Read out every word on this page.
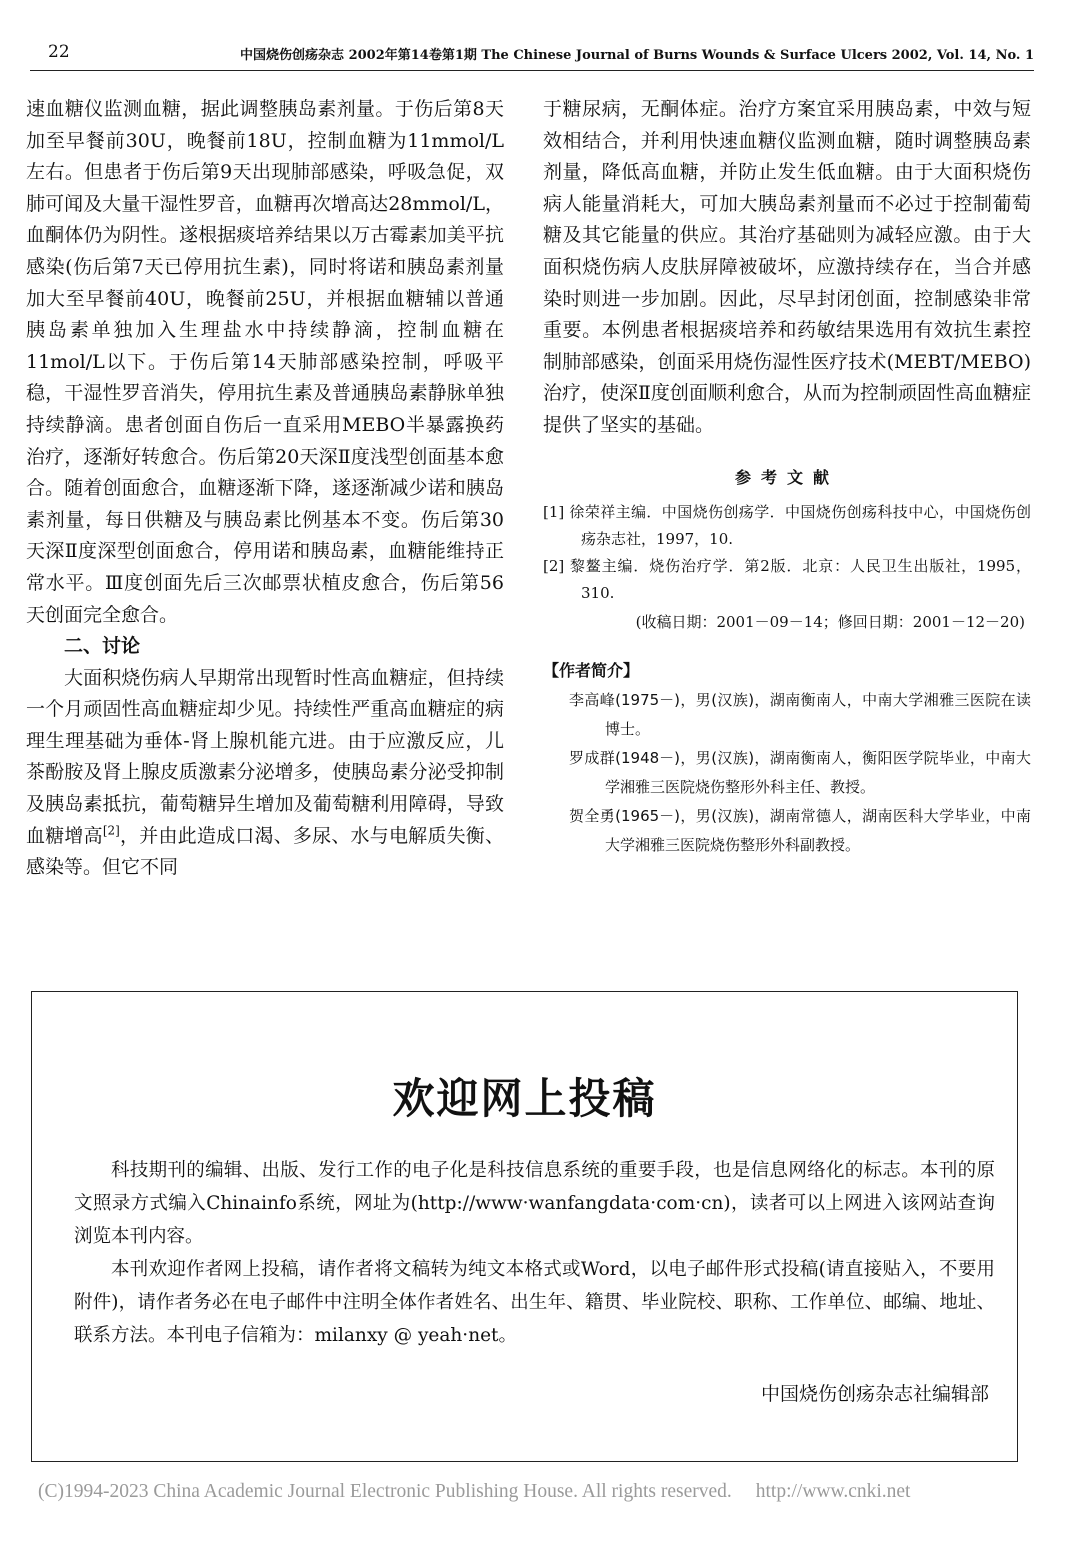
22	中国烧伤创疡杂志 2002年第14卷第1期 The Chinese Journal of Burns Wounds & Surface Ulcers 2002, Vol. 14, No. 1

速血糖仪监测血糖，据此调整胰岛素剂量。于伤后第8天加至早餐前30U，晚餐前18U，控制血糖为11mmol/L左右。但患者于伤后第9天出现肺部感染，呼吸急促，双肺可闻及大量干湿性罗音，血糖再次增高达28mmol/L，血酮体仍为阴性。遂根据痰培养结果以万古霉素加美平抗感染(伤后第7天已停用抗生素)，同时将诺和胰岛素剂量加大至早餐前40U，晚餐前25U，并根据血糖辅以普通胰岛素单独加入生理盐水中持续静滴，控制血糖在11mol/L以下。于伤后第14天肺部感染控制，呼吸平稳，干湿性罗音消失，停用抗生素及普通胰岛素静脉单独持续静滴。患者创面自伤后一直采用MEBO半暴露换药治疗，逐渐好转愈合。伤后第20天深Ⅱ度浅型创面基本愈合。随着创面愈合，血糖逐渐下降，遂逐渐减少诺和胰岛素剂量，每日供糖及与胰岛素比例基本不变。伤后第30天深Ⅱ度深型创面愈合，停用诺和胰岛素，血糖能维持正常水平。Ⅲ度创面先后三次邮票状植皮愈合，伤后第56天创面完全愈合。

二、讨论

大面积烧伤病人早期常出现暂时性高血糖症，但持续一个月顽固性高血糖症却少见。持续性严重高血糖症的病理生理基础为垂体-肾上腺机能亢进。由于应激反应，儿茶酚胺及肾上腺皮质激素分泌增多，使胰岛素分泌受抑制及胰岛素抵抗，葡萄糖异生增加及葡萄糖利用障碍，导致血糖增高[2]，并由此造成口渴、多尿、水与电解质失衡、感染等。但它不同

于糖尿病，无酮体症。治疗方案宜采用胰岛素，中效与短效相结合，并利用快速血糖仪监测血糖，随时调整胰岛素剂量，降低高血糖，并防止发生低血糖。由于大面积烧伤病人能量消耗大，可加大胰岛素剂量而不必过于控制葡萄糖及其它能量的供应。其治疗基础则为减轻应激。由于大面积烧伤病人皮肤屏障被破坏，应激持续存在，当合并感染时则进一步加剧。因此，尽早封闭创面，控制感染非常重要。本例患者根据痰培养和药敏结果选用有效抗生素控制肺部感染，创面采用烧伤湿性医疗技术(MEBT/MEBO)治疗，使深Ⅱ度创面顺利愈合，从而为控制顽固性高血糖症提供了坚实的基础。

参考文献
[1] 徐荣祥主编．中国烧伤创疡学．中国烧伤创疡科技中心，中国烧伤创疡杂志社，1997，10.
[2] 黎鳌主编．烧伤治疗学．第2版．北京：人民卫生出版社，1995，310.
(收稿日期：2001－09－14；修回日期：2001－12－20)
【作者简介】
李高峰(1975－)，男(汉族)，湖南衡南人，中南大学湘雅三医院在读博士。
罗成群(1948－)，男(汉族)，湖南衡南人，衡阳医学院毕业，中南大学湘雅三医院烧伤整形外科主任、教授。
贺全勇(1965－)，男(汉族)，湖南常德人，湖南医科大学毕业，中南大学湘雅三医院烧伤整形外科副教授。
欢迎网上投稿

科技期刊的编辑、出版、发行工作的电子化是科技信息系统的重要手段，也是信息网络化的标志。本刊的原文照录方式编入Chinainfo系统，网址为(http://www·wanfangdata·com·cn)，读者可以上网进入该网站查询浏览本刊内容。

本刊欢迎作者网上投稿，请作者将文稿转为纯文本格式或Word，以电子邮件形式投稿(请直接贴入，不要用附件)，请作者务必在电子邮件中注明全体作者姓名、出生年、籍贯、毕业院校、职称、工作单位、邮编、地址、联系方法。本刊电子信箱为：milanxy @ yeah·net。

中国烧伤创疡杂志社编辑部
(C)1994-2023 China Academic Journal Electronic Publishing House. All rights reserved. http://www.cnki.net
